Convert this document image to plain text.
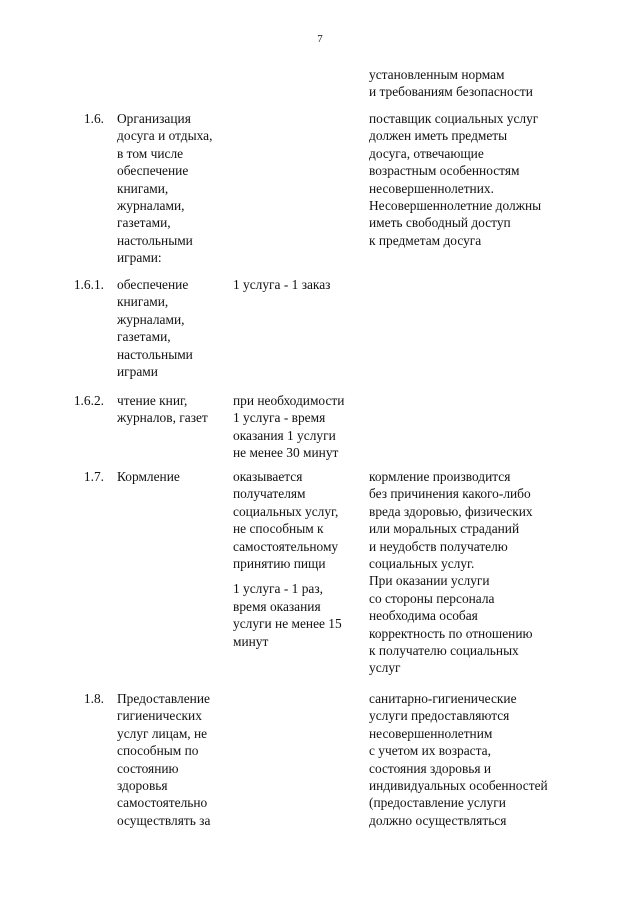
7
установленным нормам
и требованиям безопасности
1.6. Организация
досуга и отдыха,
в том числе
обеспечение
книгами,
журналами,
газетами,
настольными
играми:
поставщик социальных услуг
должен иметь предметы
досуга, отвечающие
возрастным особенностям
несовершеннолетних.
Несовершеннолетние должны
иметь свободный доступ
к предметам досуга
1.6.1. обеспечение
книгами,
журналами,
газетами,
настольными
играми
1 услуга - 1 заказ
1.6.2. чтение книг,
журналов, газет
при необходимости
1 услуга - время
оказания 1 услуги
не менее 30 минут
1.7. Кормление	оказывается
получателям
социальных услуг,
не способным к
самостоятельному
принятию пищи
1 услуга - 1 раз,
время оказания
услуги не менее 15
минут
кормление производится
без причинения какого-либо
вреда здоровью, физических
или моральных страданий
и неудобств получателю
социальных услуг.
При оказании услуги
со стороны персонала
необходима особая
корректность по отношению
к получателю социальных
услуг
1.8. Предоставление
гигиенических
услуг лицам, не
способным по
состоянию
здоровья
самостоятельно
осуществлять за
санитарно-гигиенические
услуги предоставляются
несовершеннолетним
с учетом их возраста,
состояния здоровья и
индивидуальных особенностей
(предоставление услуги
должно осуществляться
